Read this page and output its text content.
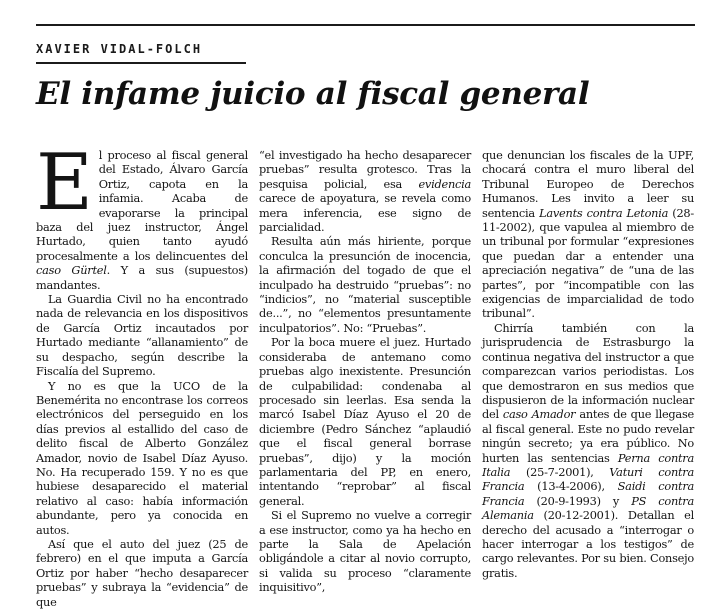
XAVIER VIDAL-FOLCH
El infame juicio al fiscal general

El proceso al fiscal general del Estado, Álvaro García Ortiz, capota en la infamia. Acaba de evaporarse la principal baza del juez instructor, Ángel Hurtado, quien tanto ayudó procesalmente a los delincuentes del caso Gürtel. Y a sus (supuestos) mandantes.

La Guardia Civil no ha encontrado nada de relevancia en los dispositivos de García Ortiz incautados por Hurtado mediante “allanamiento” de su despacho, según describe la Fiscalía del Supremo.

Y no es que la UCO de la Benemérita no encontrase los correos electrónicos del perseguido en los días previos al estallido del caso de delito fiscal de Alberto González Amador, novio de Isabel Díaz Ayuso. No. Ha recuperado 159. Y no es que hubiese desaparecido el material relativo al caso: había información abundante, pero ya conocida en autos.

Así que el auto del juez (25 de febrero) en el que imputa a García Ortiz por haber “hecho desaparecer pruebas” y subraya la “evidencia” de que

“el investigado ha hecho desaparecer pruebas” resulta grotesco. Tras la pesquisa policial, esa evidencia carece de apoyatura, se revela como mera inferencia, ese signo de parcialidad.

Resulta aún más hiriente, porque conculca la presunción de inocencia, la afirmación del togado de que el inculpado ha destruido “pruebas”: no “indicios”, no “material susceptible de...”, no “elementos presuntamente inculpatorios”. No: “Pruebas”.

Por la boca muere el juez. Hurtado consideraba de antemano como pruebas algo inexistente. Presunción de culpabilidad: condenaba al procesado sin leerlas. Esa senda la marcó Isabel Díaz Ayuso el 20 de diciembre (Pedro Sánchez “aplaudió que el fiscal general borrase pruebas”, dijo) y la moción parlamentaria del PP, en enero, intentando “reprobar” al fiscal general.

Si el Supremo no vuelve a corregir a ese instructor, como ya ha hecho en parte la Sala de Apelación obligándole a citar al novio corrupto, si valida su proceso “claramente inquisitivo”,

que denuncian los fiscales de la UPF, chocará contra el muro liberal del Tribunal Europeo de Derechos Humanos. Les invito a leer su sentencia Lavents contra Letonia (28-11-2002), que vapulea al miembro de un tribunal por formular “expresiones que puedan dar a entender una apreciación negativa” de “una de las partes”, por “incompatible con las exigencias de imparcialidad de todo tribunal”.

Chirría también con la jurisprudencia de Estrasburgo la continua negativa del instructor a que comparezcan varios periodistas. Los que demostraron en sus medios que dispusieron de la información nuclear del caso Amador antes de que llegase al fiscal general. Este no pudo revelar ningún secreto; ya era público. No hurten las sentencias Perna contra Italia (25-7-2001), Vaturi contra Francia (13-4-2006), Saidi contra Francia (20-9-1993) y PS contra Alemania (20-12-2001). Detallan el derecho del acusado a “interrogar o hacer interrogar a los testigos” de cargo relevantes. Por su bien. Consejo gratis.
